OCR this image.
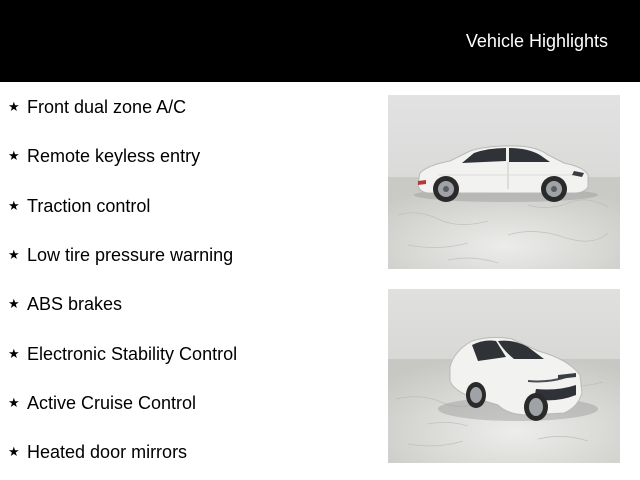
Vehicle Highlights
★ Front dual zone A/C
★ Remote keyless entry
★ Traction control
★ Low tire pressure warning
★ ABS brakes
★ Electronic Stability Control
★ Active Cruise Control
★ Heated door mirrors
